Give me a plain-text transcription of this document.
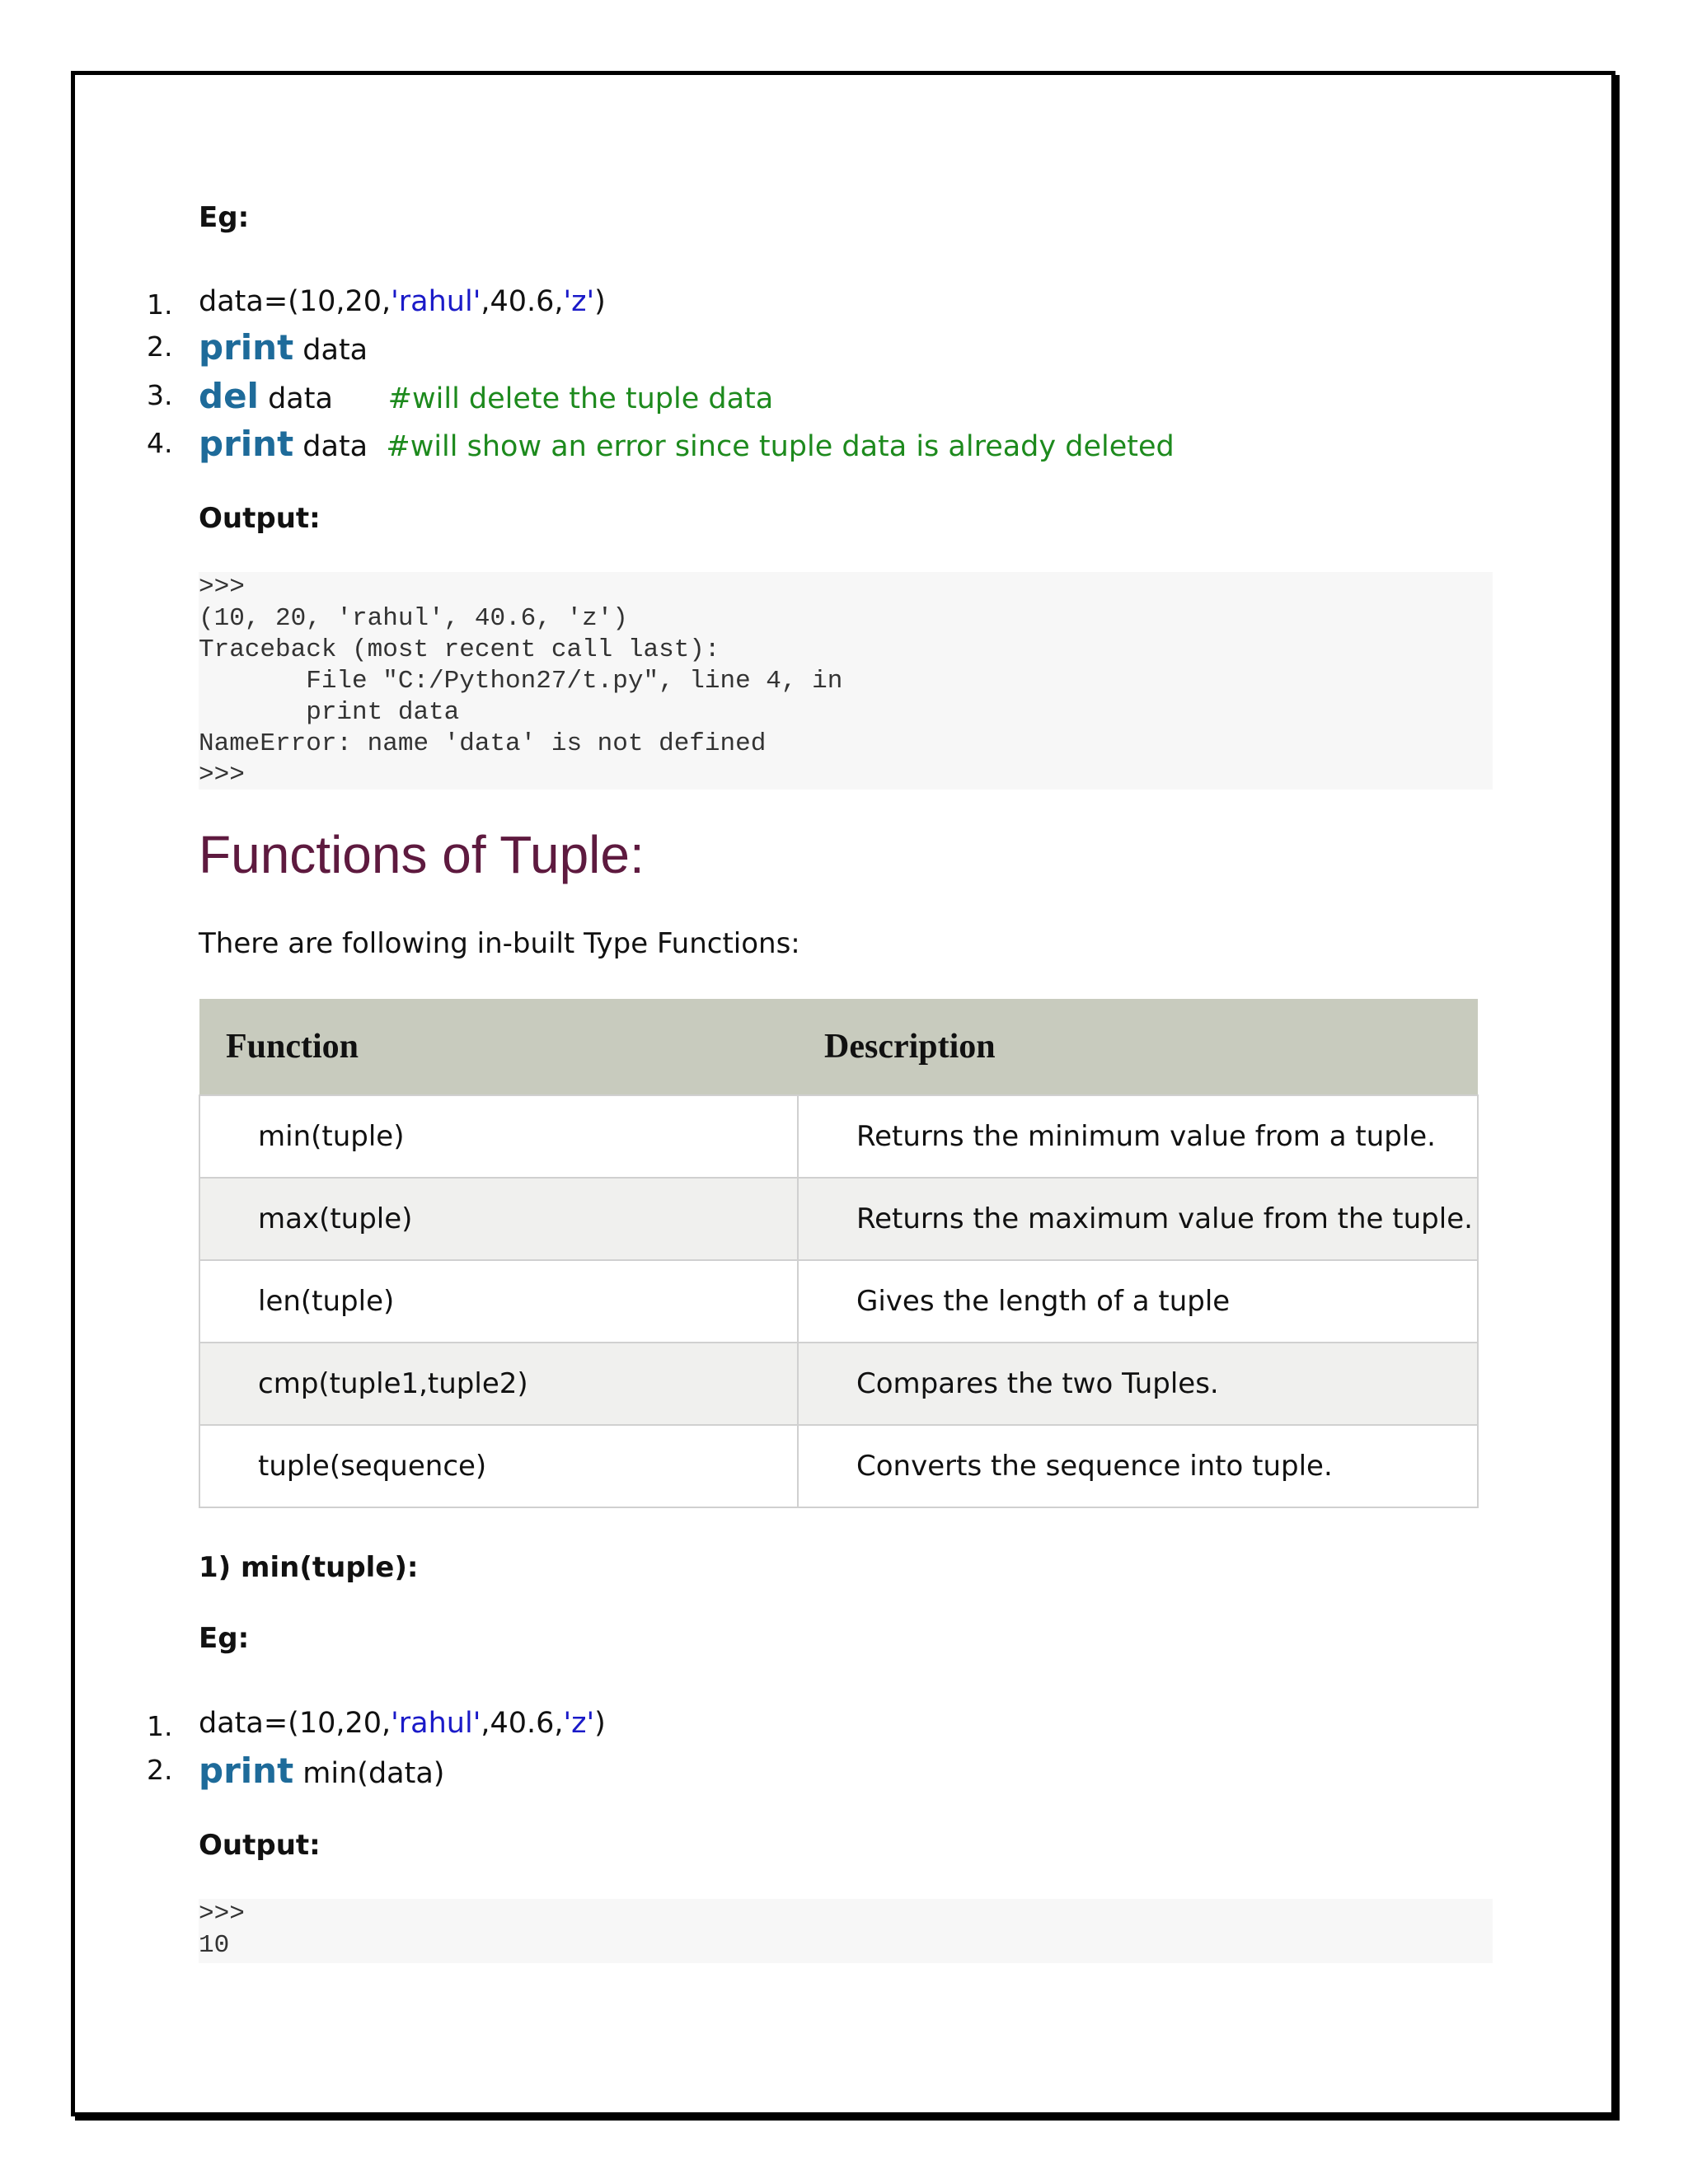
Eg:
1. data=(10,20,'rahul',40.6,'z')
2. print data
3. del data      #will delete the tuple data
4. print data  #will show an error since tuple data is already deleted
Output:
>>>
(10, 20, 'rahul', 40.6, 'z')
Traceback (most recent call last):
File "C:/Python27/t.py", line 4, in
print data
NameError: name 'data' is not defined
>>>
Functions of Tuple:
There are following in-built Type Functions:
Function	Description
min(tuple)	Returns the minimum value from a tuple.
max(tuple)	Returns the maximum value from the tuple.
len(tuple)	Gives the length of a tuple
cmp(tuple1,tuple2)	Compares the two Tuples.
tuple(sequence)	Converts the sequence into tuple.
1) min(tuple):
Eg:
1. data=(10,20,'rahul',40.6,'z')
2. print min(data)
Output:
>>>
10
